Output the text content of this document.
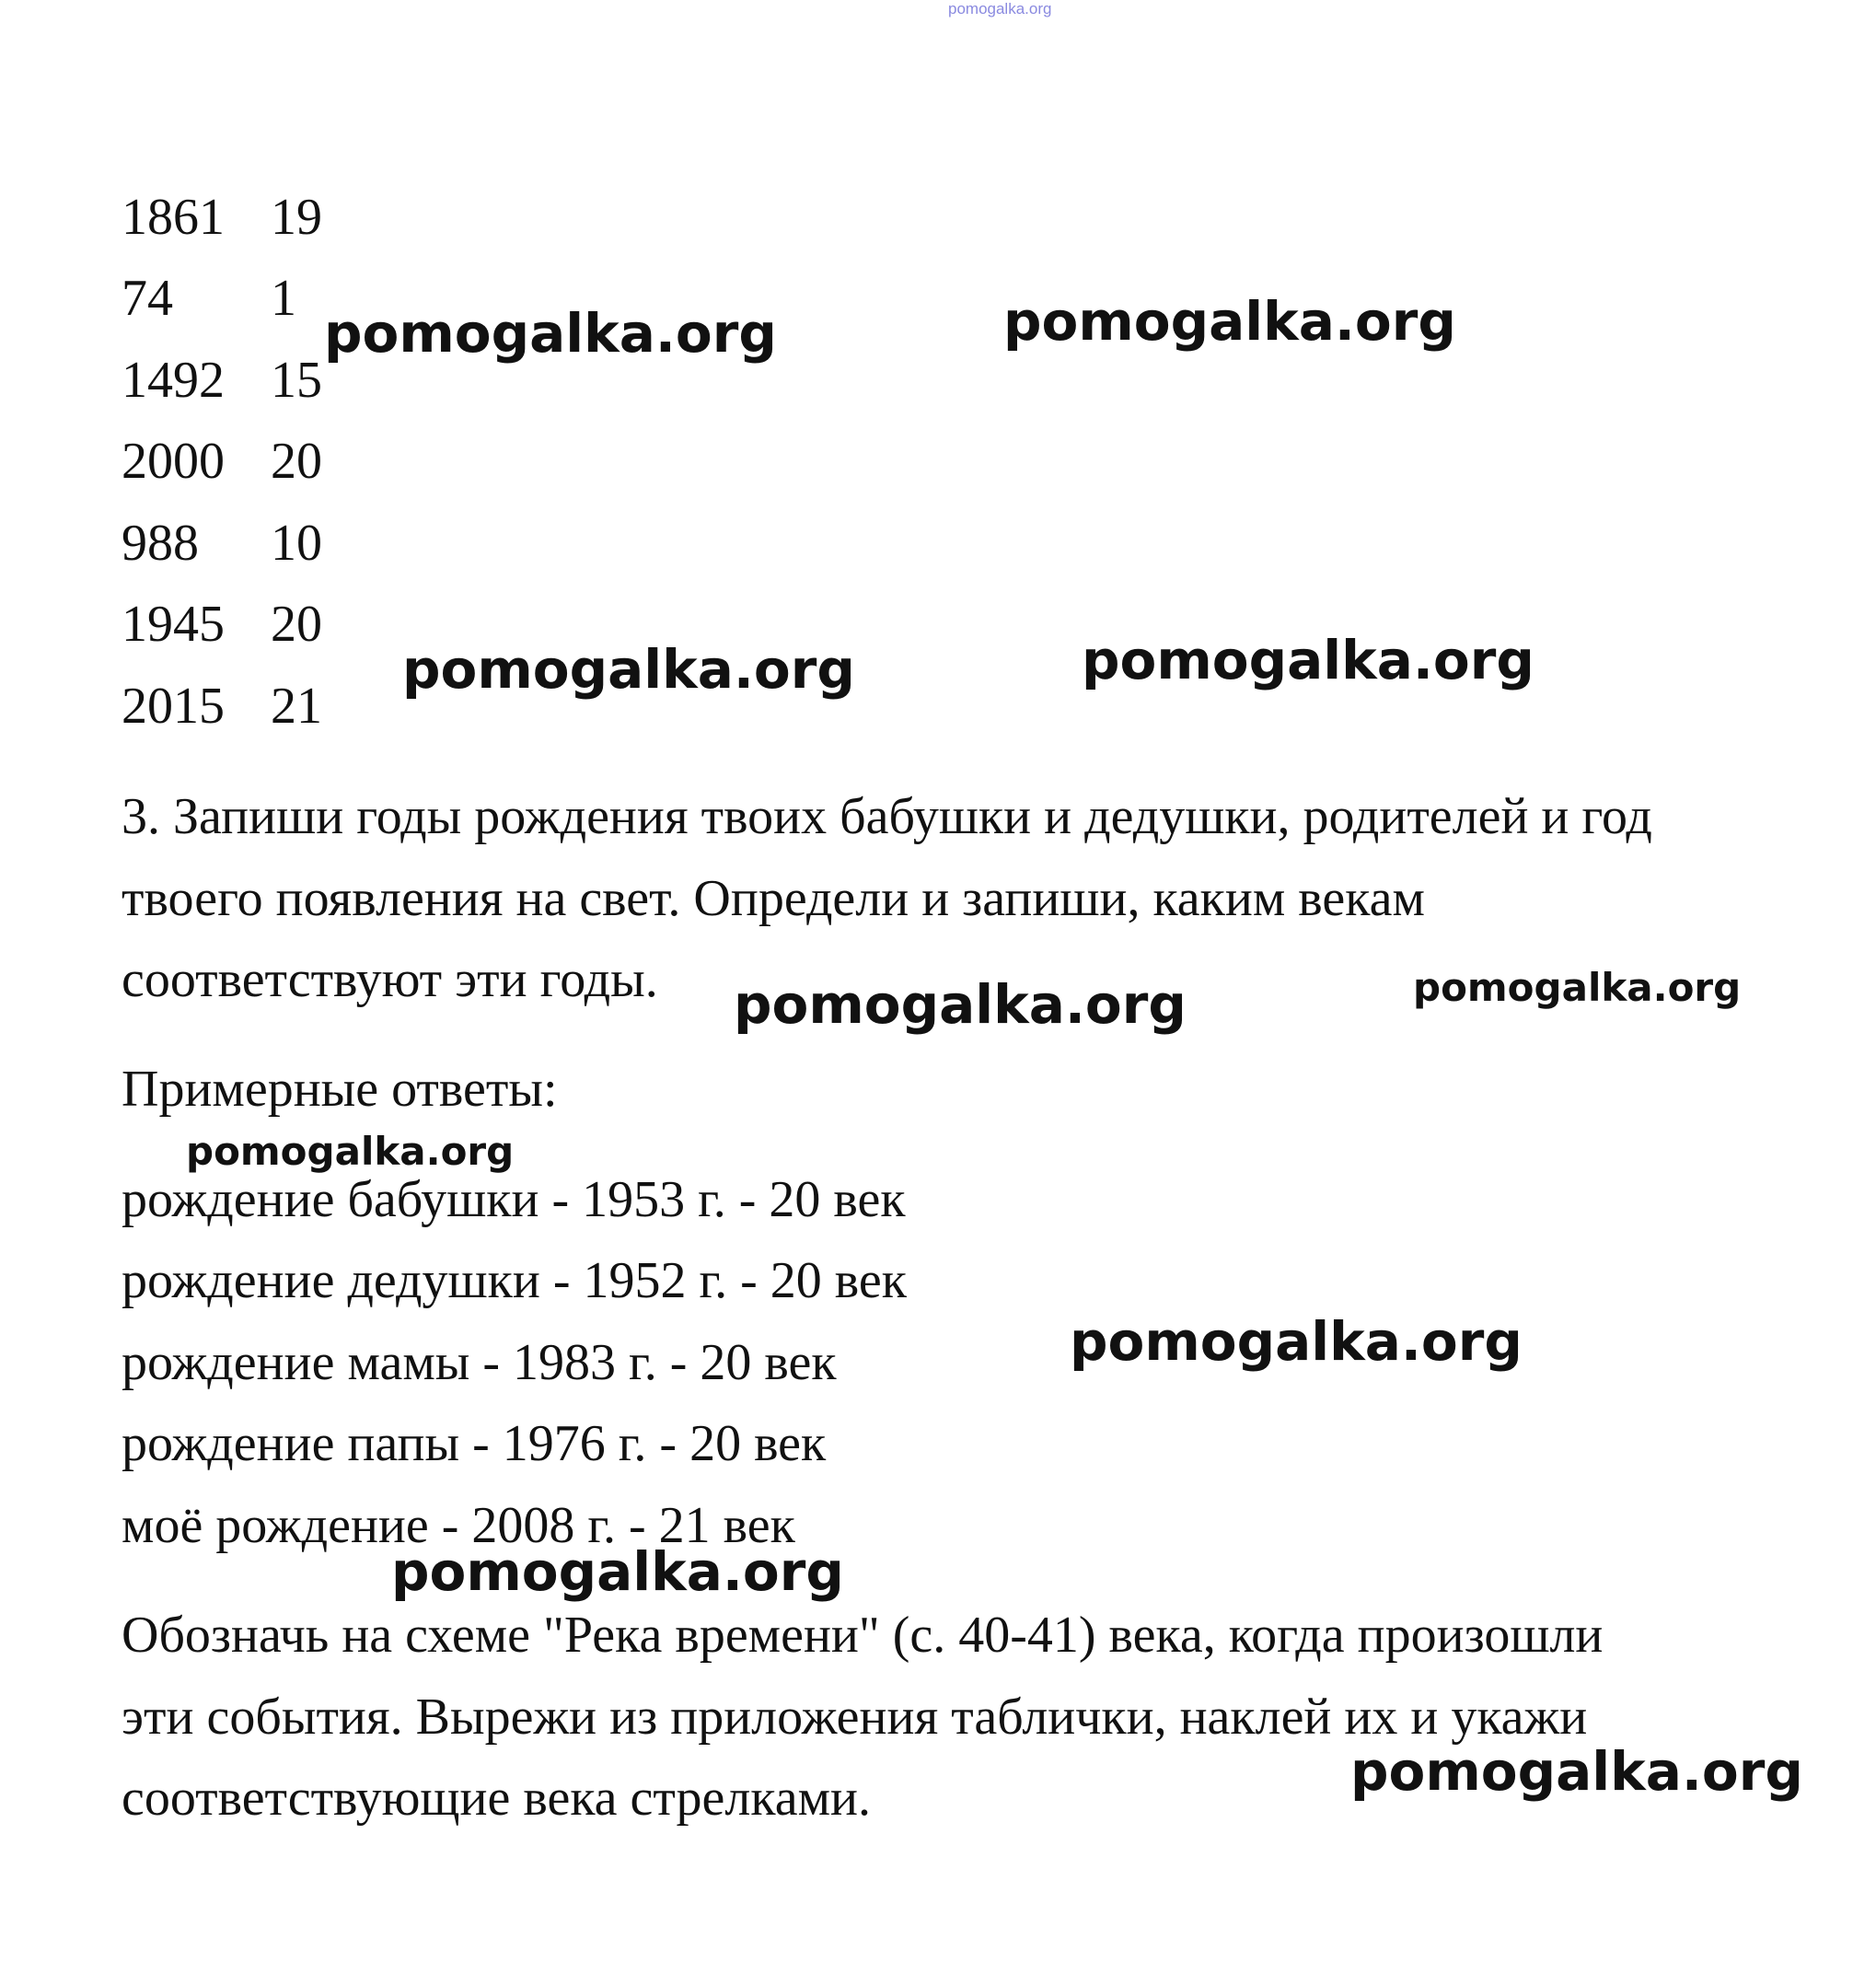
pomogalka.org
1861 19
74 1
1492 15
2000 20
988 10
1945 20
2015 21
3. Запиши годы рождения твоих бабушки и дедушки, родителей и год
твоего появления на свет. Определи и запиши, каким векам
соответствуют эти годы.
Примерные ответы:
рождение бабушки - 1953 г. - 20 век
рождение дедушки - 1952 г. - 20 век
рождение мамы - 1983 г. - 20 век
рождение папы - 1976 г. - 20 век
моё рождение - 2008 г. - 21 век
Обозначь на схеме "Река времени" (с. 40-41) века, когда произошли
эти события. Вырежи из приложения таблички, наклей их и укажи
соответствующие века стрелками.
pomogalka.org	pomogalka.org
pomogalka.org	pomogalka.org
pomogalka.org	pomogalka.org
pomogalka.org
pomogalka.org
pomogalka.org
pomogalka.org
